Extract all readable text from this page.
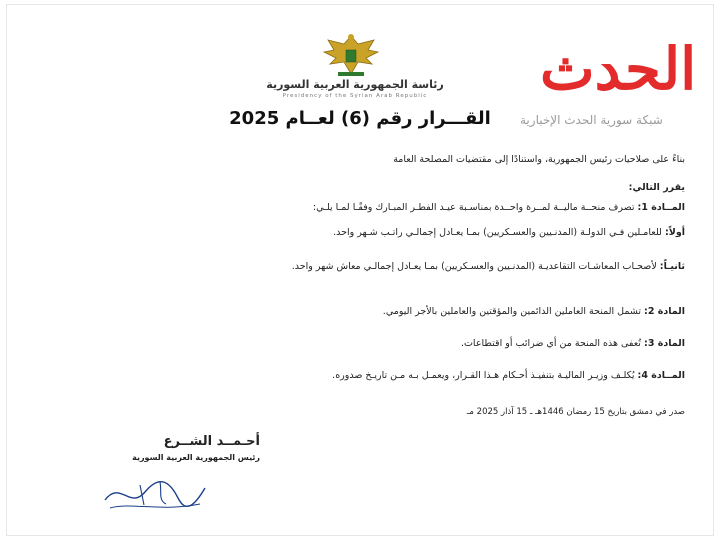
رئاسة الجمهورية العربية السورية
Presidency of the Syrian Arab Republic	الحدث
شبكة سورية الحدث الإخبارية
القـــرار رقم (6) لعــام 2025
بناءً على صلاحيات رئيس الجمهورية، واستنادًا إلى مقتضيات المصلحة العامة
يقرر التالي:
المــادة 1: تصرف منحــة ماليــة لمــرة واحــدة بمناسـبة عيـد الفطـر المبـارك وفقًـا لمـا يلـي:
أولاً: للعامـلين فـي الدولـة (المدنـيين والعسـكريين) بمـا يعـادل إجمالـي راتـب شـهر واحد.
ثانيـاً: لأصحـاب المعاشـات التقاعديـة (المدنـيين والعسـكريين) بمـا يعـادل إجمالـي معاش شهر واحد.
المادة 2: تشمل المنحة العاملين الدائمين والمؤقتين والعاملين بالأجر اليومي.
المادة 3: تُعفى هذه المنحة من أي ضرائب أو اقتطاعات.
المــادة 4: يُكلـف وزيـر الماليـة بتنفيـذ أحـكام هـذا القـرار، ويعمـل بـه مـن تاريـخ صدوره.
صدر في دمشق بتاريخ 15 رمضان 1446هـ ـ 15 آذار 2025 مـ
أحـمــد الشــرع
رئيس الجمهورية العربية السورية
